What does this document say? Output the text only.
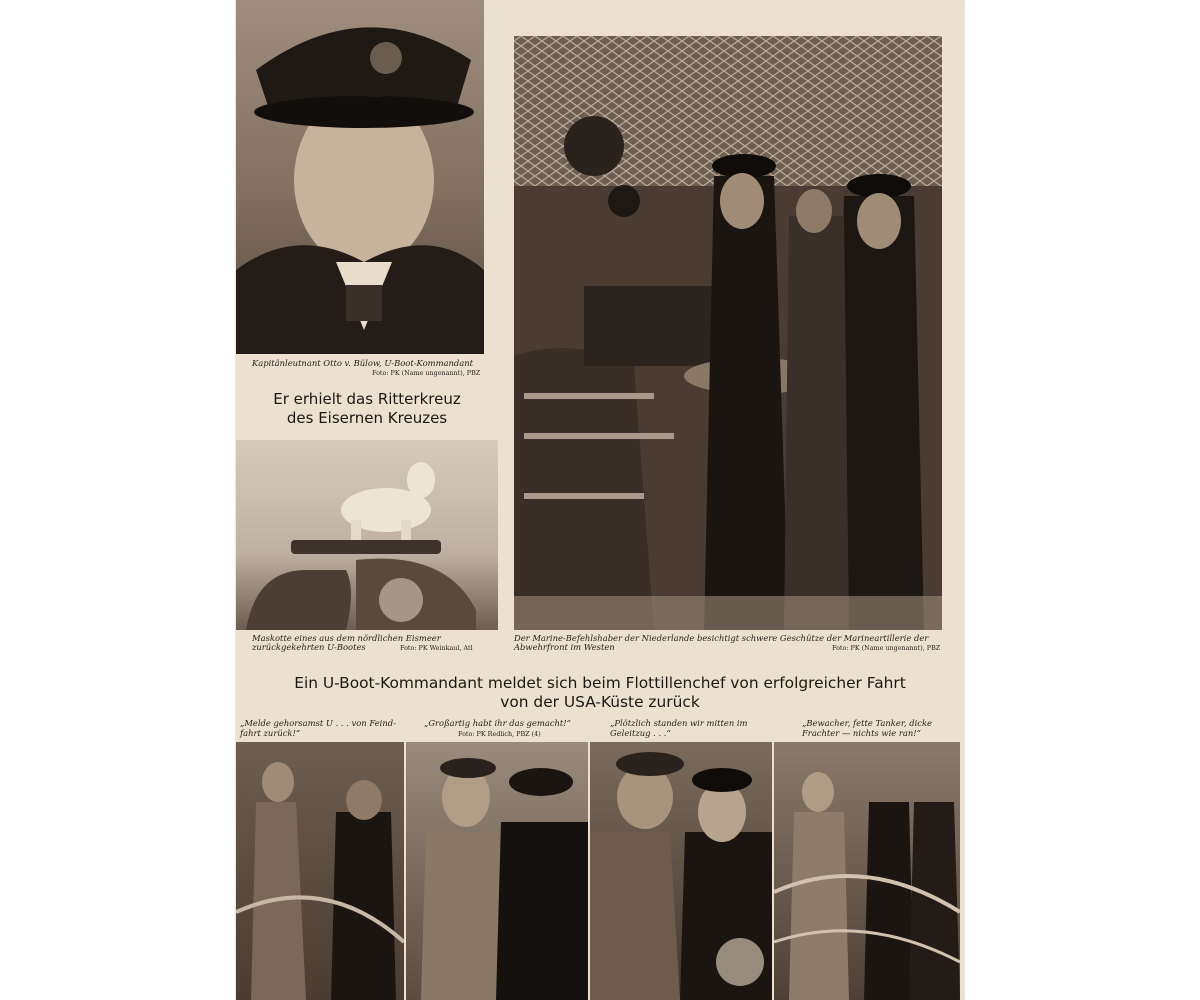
Kapitänleutnant Otto v. Bülow, U-Boot-Kommandant

Foto: PK (Name ungenannt), PBZ
Er erhielt das Ritterkreuz
des Eisernen Kreuzes

Maskotte eines aus dem nördlichen Eismeer zurückgekehrten U-Bootes	Foto: PK Weinkaul, Atl

Der Marine-Befehlshaber der Niederlande besichtigt schwere Geschütze der Marineartillerie der Abwehrfront im Westen	Foto: PK (Name ungenannt), PBZ
Ein U-Boot-Kommandant meldet sich beim Flottillenchef von erfolgreicher Fahrt
von der USA-Küste zurück

„Melde gehorsamst U . . . von Feind-fahrt zurück!“

„Großartig habt ihr das gemacht!“

Foto: PK Redlich, PBZ (4)

„Plötzlich standen wir mitten im Geleitzug . . .“

„Bewacher, fette Tanker, dicke Frachter — nichts wie ran!“
